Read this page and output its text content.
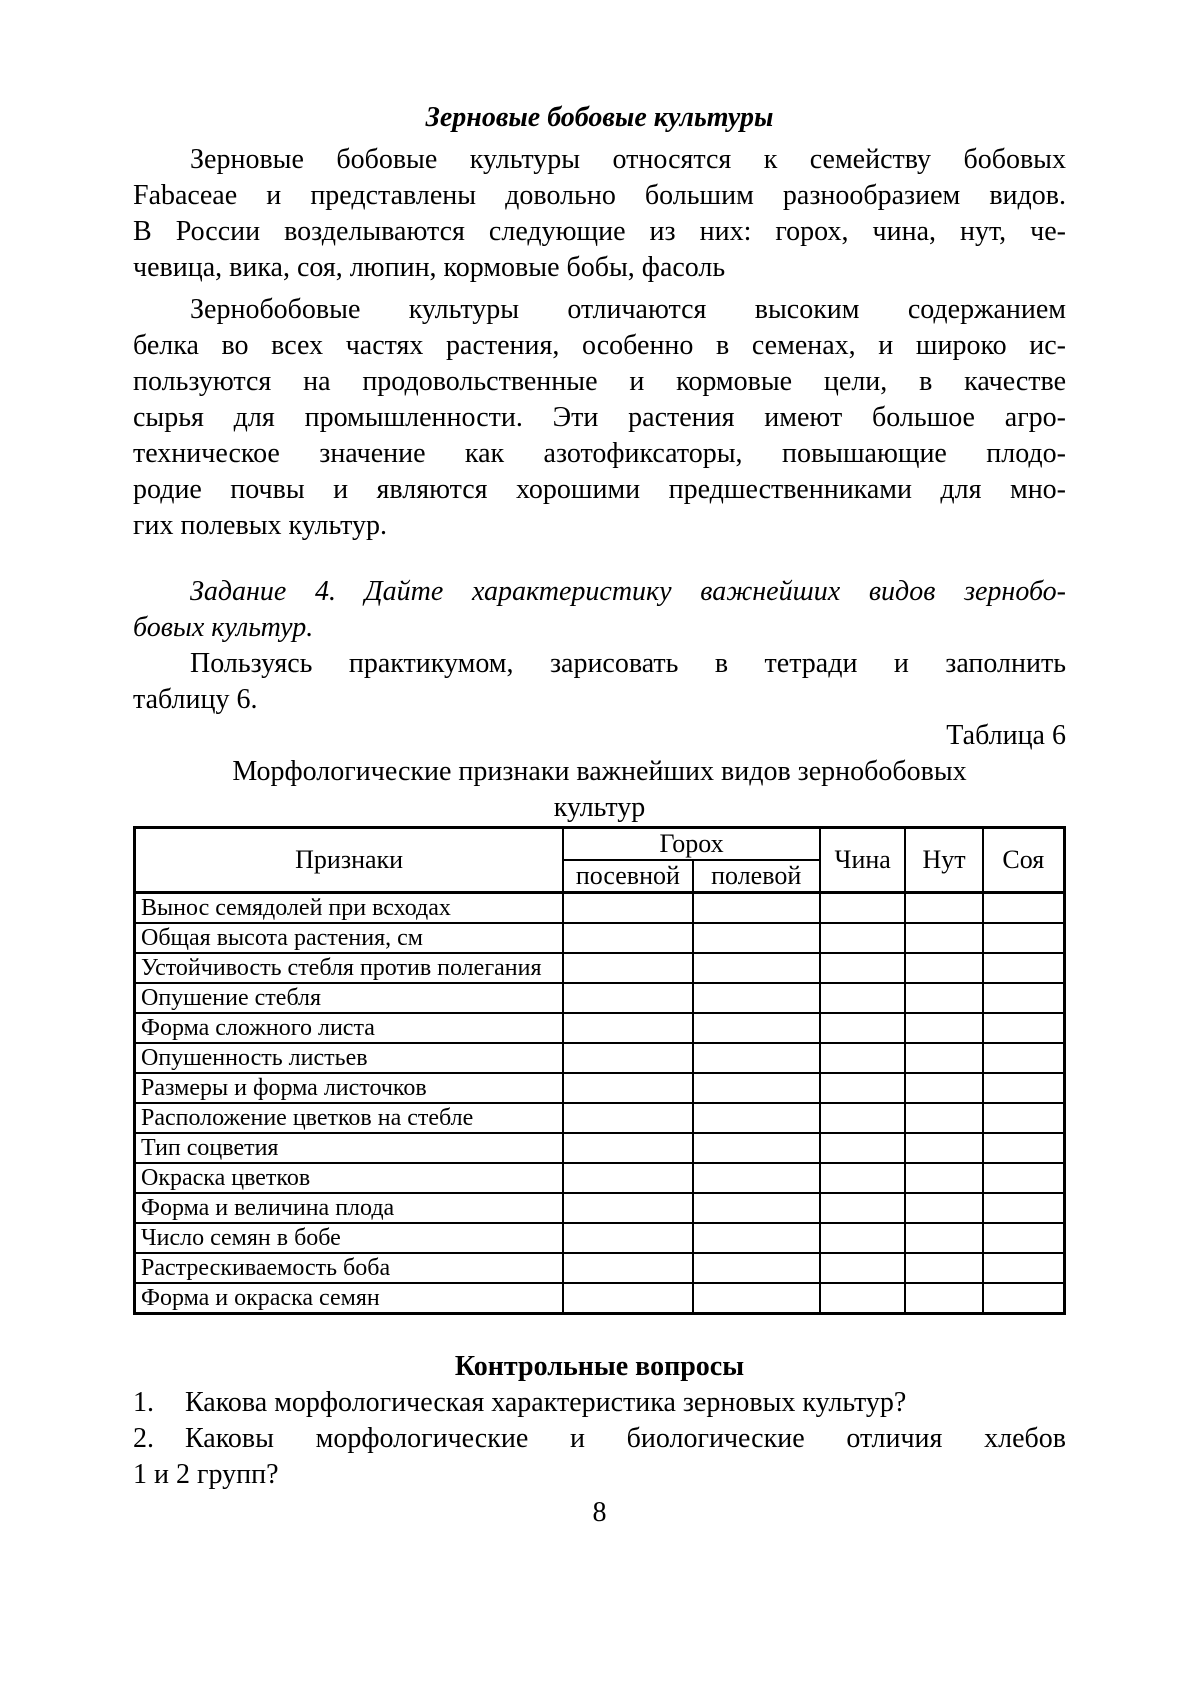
Зерновые бобовые культуры
Зерновые бобовые культуры относятся к семейству бобовых
Fabaceae и представлены довольно большим разнообразием видов.
В России возделываются следующие из них: горох, чина, нут, че-
чевица, вика, соя, люпин, кормовые бобы, фасоль
Зернобобовые культуры отличаются высоким содержанием
белка во всех частях растения, особенно в семенах, и широко ис-
пользуются на продовольственные и кормовые цели, в качестве
сырья для промышленности. Эти растения имеют большое агро-
техническое значение как азотофиксаторы, повышающие плодо-
родие почвы и являются хорошими предшественниками для мно-
гих полевых культур.
Задание 4. Дайте характеристику важнейших видов зернобо-
бовых культур.
Пользуясь практикумом, зарисовать в тетради и заполнить
таблицу 6.
Таблица 6
Морфологические признаки важнейших видов зернобобовых
культур
Признаки	Горох		Чина	Нут	Соя
	посевной	полевой			
Вынос семядолей при всходах					
Общая высота растения, см					
Устойчивость стебля против полегания					
Опушение стебля					
Форма сложного листа					
Опушенность листьев					
Размеры и форма листочков					
Расположение цветков на стебле					
Тип соцветия					
Окраска цветков					
Форма и величина плода					
Число семян в бобе					
Растрескиваемость боба					
Форма и окраска семян					
Контрольные вопросы
1.	Какова морфологическая характеристика зерновых культур?
2.	Каковы морфологические и биологические отличия хлебов
1 и 2 групп?
8
